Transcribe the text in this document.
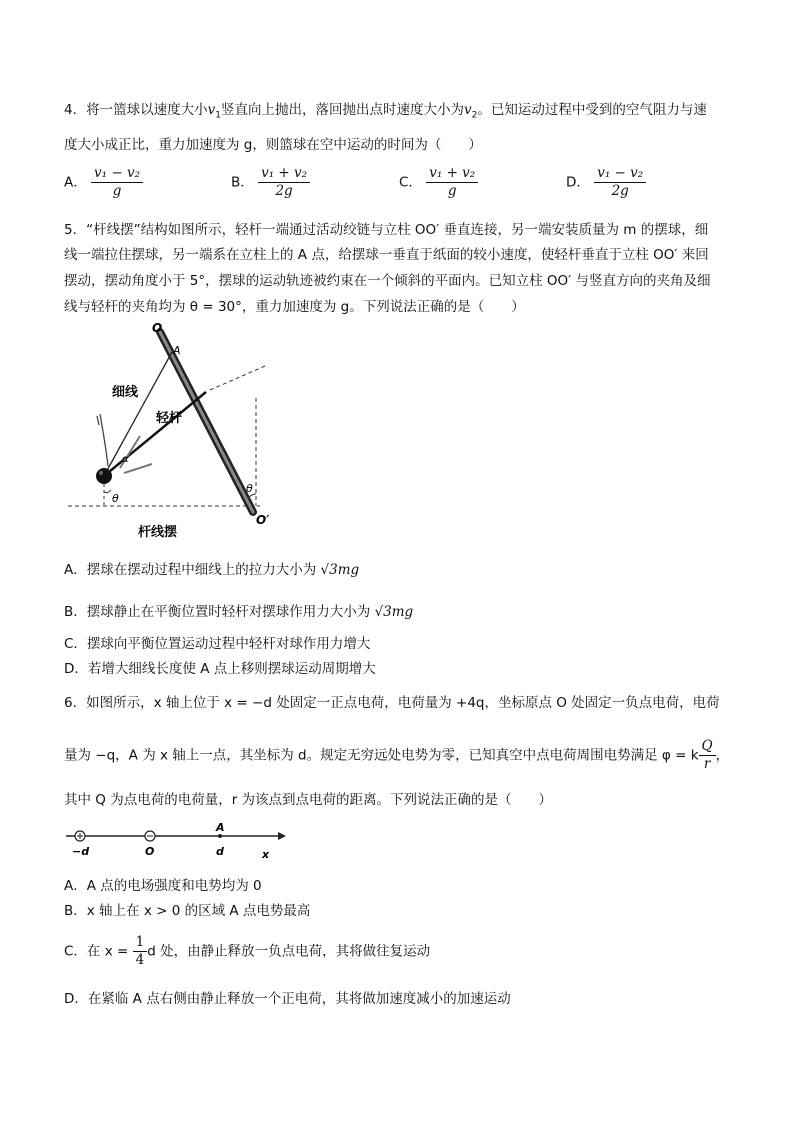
4．将一篮球以速度大小$v_1$竖直向上抛出，落回抛出点时速度大小为$v_2$。已知运动过程中受到的空气阻力与速
度大小成正比，重力加速度为 g，则篮球在空中运动的时间为（　　）
A． $\frac{\text{v₁ − v₂}}{g}$	B． $\frac{\text{v₁ + v₂}}{2g}$	C． $\frac{\text{v₁ + v₂}}{g}$	D． $\frac{\text{v₁ − v₂}}{2g}$
5．“杆线摆”结构如图所示，轻杆一端通过活动绞链与立柱 OO′ 垂直连接，另一端安装质量为 m 的摆球，细
线一端拉住摆球，另一端系在立柱上的 A 点，给摆球一垂直于纸面的较小速度，使轻杆垂直于立柱 OO′ 来回
摆动，摆动角度小于 5°，摆球的运动轨迹被约束在一个倾斜的平面内。已知立柱 OO′ 与竖直方向的夹角及细
线与轻杆的夹角均为 θ = 30°，重力加速度为 g。下列说法正确的是（　　）
O
A
细线
轻杆
α
θ
θ
O′
杆线摆
A．摆球在摆动过程中细线上的拉力大小为 √3mg
B．摆球静止在平衡位置时轻杆对摆球作用力大小为 √3mg
C．摆球向平衡位置运动过程中轻杆对球作用力增大
D．若增大细线长度使 A 点上移则摆球运动周期增大
6．如图所示，x 轴上位于 x = −d 处固定一正点电荷，电荷量为 +4q，坐标原点 O 处固定一负点电荷，电荷
量为 −q，A 为 x 轴上一点，其坐标为 d。规定无穷远处电势为零，已知真空中点电荷周围电势满足 φ = k $\frac{Q}{r}$ ，
其中 Q 为点电荷的电荷量，r 为该点到点电荷的距离。下列说法正确的是（　　）
A
−d	O	d	x
A．A 点的电场强度和电势均为 0
B．x 轴上在 x > 0 的区域 A 点电势最高
C．在 $x = \frac{1}{4}$ d 处，由静止释放一负点电荷，其将做往复运动
D．在紧临 A 点右侧由静止释放一个正电荷，其将做加速度减小的加速运动
